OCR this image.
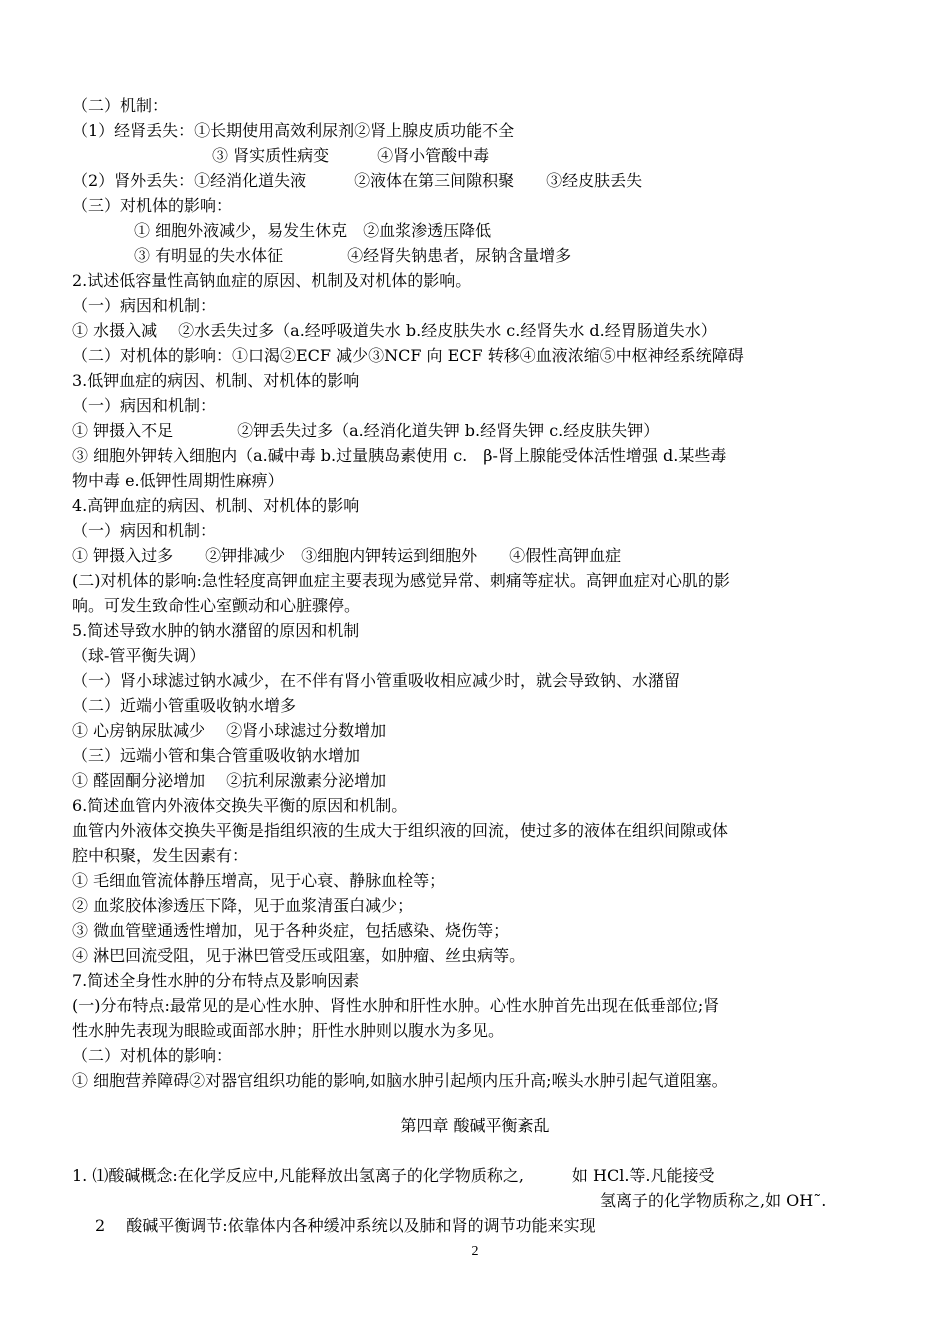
（二）机制：
（1）经肾丢失：①长期使用高效利尿剂②肾上腺皮质功能不全
③ 肾实质性病变　　　④肾小管酸中毒
（2）肾外丢失：①经消化道失液　　　②液体在第三间隙积聚　　③经皮肤丢失
（三）对机体的影响：
① 细胞外液减少，易发生休克　②血浆渗透压降低
③ 有明显的失水体征　　　　④经肾失钠患者，尿钠含量增多
2.试述低容量性高钠血症的原因、机制及对机体的影响。
（一）病因和机制：
① 水摄入减　 ②水丢失过多（a.经呼吸道失水 b.经皮肤失水 c.经肾失水 d.经胃肠道失水）
（二）对机体的影响：①口渴②ECF 减少③NCF 向 ECF 转移④血液浓缩⑤中枢神经系统障碍
3.低钾血症的病因、机制、对机体的影响
（一）病因和机制：
① 钾摄入不足　　　　②钾丢失过多（a.经消化道失钾 b.经肾失钾 c.经皮肤失钾）
③ 细胞外钾转入细胞内（a.碱中毒 b.过量胰岛素使用 c.　β-肾上腺能受体活性增强 d.某些毒
物中毒 e.低钾性周期性麻痹）
4.高钾血症的病因、机制、对机体的影响
（一）病因和机制：
① 钾摄入过多　　②钾排减少　③细胞内钾转运到细胞外　　④假性高钾血症
(二)对机体的影响:急性轻度高钾血症主要表现为感觉异常、刺痛等症状。高钾血症对心肌的影
响。可发生致命性心室颤动和心脏骤停。
5.简述导致水肿的钠水潴留的原因和机制
（球-管平衡失调）
（一）肾小球滤过钠水减少，在不伴有肾小管重吸收相应减少时，就会导致钠、水潴留
（二）近端小管重吸收钠水增多
① 心房钠尿肽减少　 ②肾小球滤过分数增加
（三）远端小管和集合管重吸收钠水增加
① 醛固酮分泌增加　 ②抗利尿激素分泌增加
6.简述血管内外液体交换失平衡的原因和机制。
血管内外液体交换失平衡是指组织液的生成大于组织液的回流，使过多的液体在组织间隙或体
腔中积聚，发生因素有：
① 毛细血管流体静压增高，见于心衰、静脉血栓等；
② 血浆胶体渗透压下降，见于血浆清蛋白减少；
③ 微血管壁通透性增加，见于各种炎症，包括感染、烧伤等；
④ 淋巴回流受阻，见于淋巴管受压或阻塞，如肿瘤、丝虫病等。
7.简述全身性水肿的分布特点及影响因素
(一)分布特点:最常见的是心性水肿、肾性水肿和肝性水肿。心性水肿首先出现在低垂部位;肾
性水肿先表现为眼睑或面部水肿；肝性水肿则以腹水为多见。
（二）对机体的影响：
① 细胞营养障碍②对器官组织功能的影响,如脑水肿引起颅内压升高;喉头水肿引起气道阻塞。
第四章 酸碱平衡紊乱
1. ⑴酸碱概念:在化学反应中,凡能释放出氢离子的化学物质称之,　　　如 HCl.等.凡能接受
氢离子的化学物质称之,如 OH˜.
2　 酸碱平衡调节:依靠体内各种缓冲系统以及肺和肾的调节功能来实现
2
